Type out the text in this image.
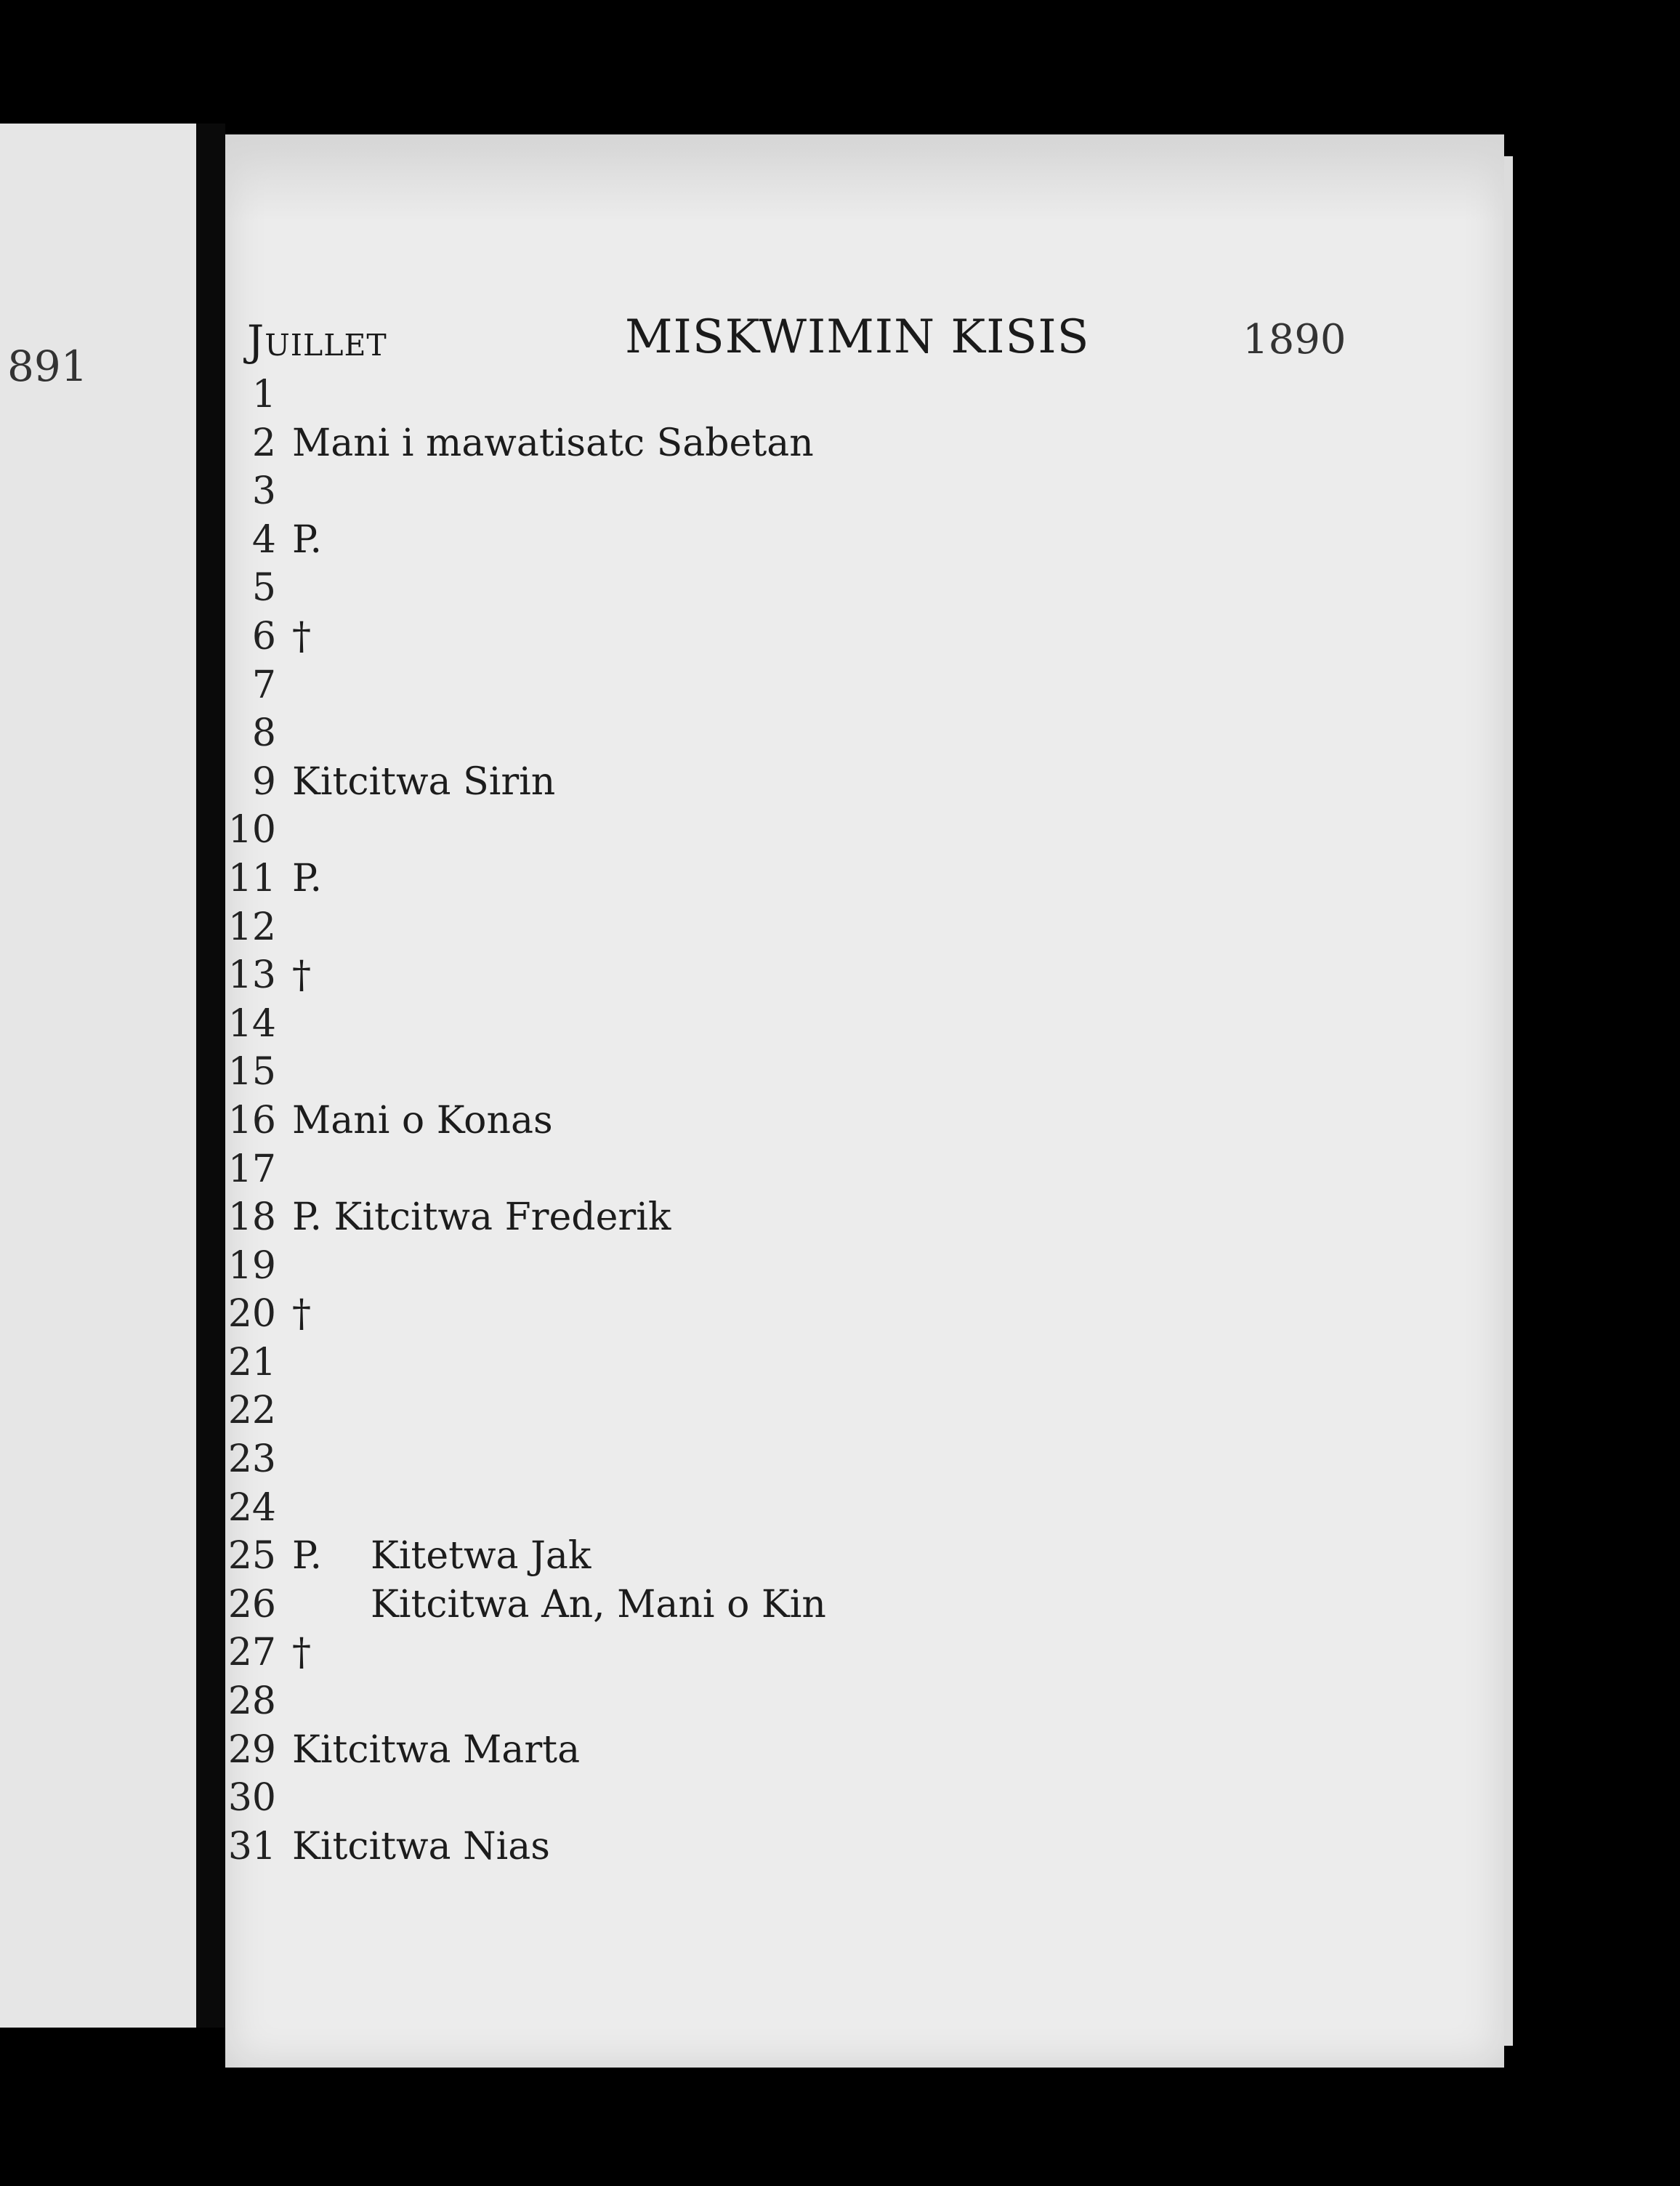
891
Juillet	MISKWIMIN KISIS	1890
1
2 Mani i mawatisatc Sabetan
3
4 P.
5
6 †
7
8
9 Kitcitwa Sirin
10
11 P.
12
13 †
14
15
16 Mani o Konas
17
18 P. Kitcitwa Frederik
19
20 †
21
22
23
24
25 P. Kitetwa Jak
26	Kitcitwa An, Mani o Kin
27 †
28
29 Kitcitwa Marta
30
31 Kitcitwa Nias
